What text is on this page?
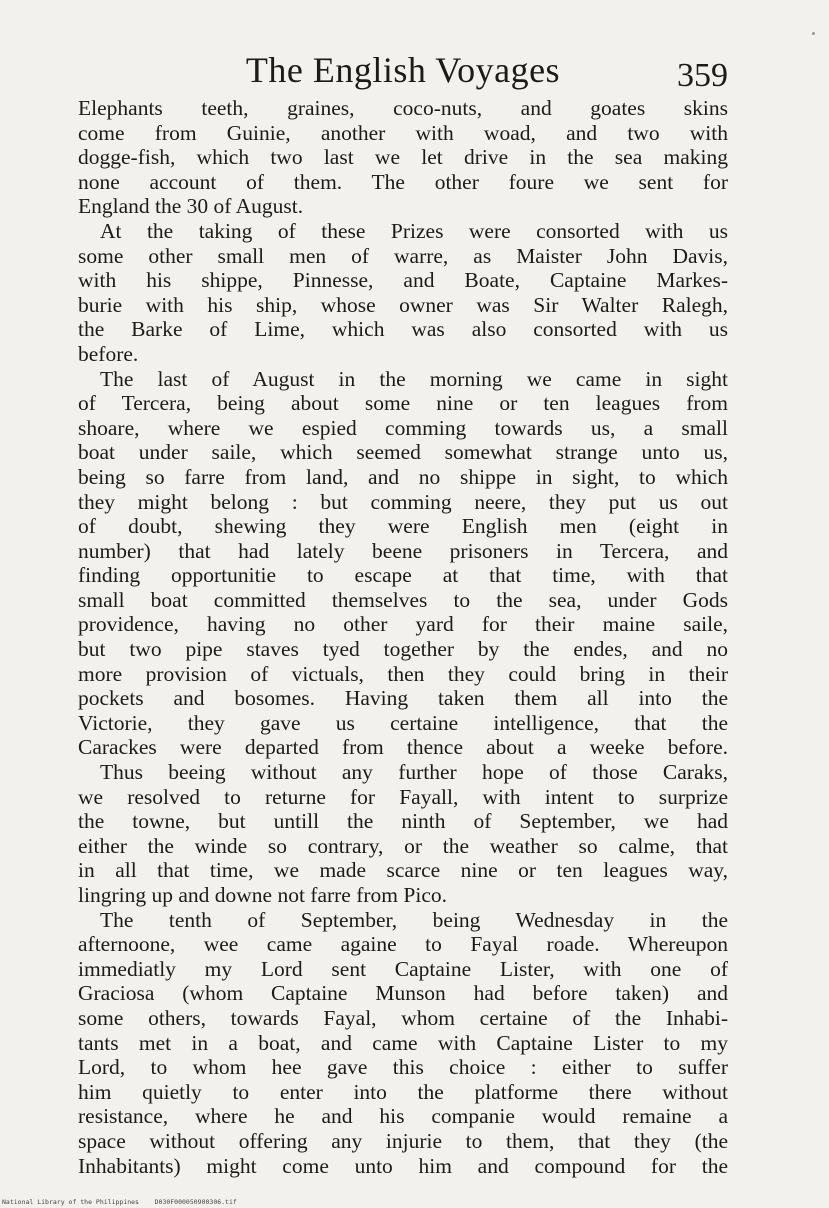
The English Voyages	359
Elephants teeth, graines, coco-nuts, and goates skins
come from Guinie, another with woad, and two with
dogge-fish, which two last we let drive in the sea making
none account of them. The other foure we sent for
England the 30 of August.
At the taking of these Prizes were consorted with us
some other small men of warre, as Maister John Davis,
with his shippe, Pinnesse, and Boate, Captaine Markes-
burie with his ship, whose owner was Sir Walter Ralegh,
the Barke of Lime, which was also consorted with us
before.
The last of August in the morning we came in sight
of Tercera, being about some nine or ten leagues from
shoare, where we espied comming towards us, a small
boat under saile, which seemed somewhat strange unto us,
being so farre from land, and no shippe in sight, to which
they might belong : but comming neere, they put us out
of doubt, shewing they were English men (eight in
number) that had lately beene prisoners in Tercera, and
finding opportunitie to escape at that time, with that
small boat committed themselves to the sea, under Gods
providence, having no other yard for their maine saile,
but two pipe staves tyed together by the endes, and no
more provision of victuals, then they could bring in their
pockets and bosomes. Having taken them all into the
Victorie, they gave us certaine intelligence, that the
Carackes were departed from thence about a weeke before.
Thus beeing without any further hope of those Caraks,
we resolved to returne for Fayall, with intent to surprize
the towne, but untill the ninth of September, we had
either the winde so contrary, or the weather so calme, that
in all that time, we made scarce nine or ten leagues way,
lingring up and downe not farre from Pico.
The tenth of September, being Wednesday in the
afternoone, wee came againe to Fayal roade. Whereupon
immediatly my Lord sent Captaine Lister, with one of
Graciosa (whom Captaine Munson had before taken) and
some others, towards Fayal, whom certaine of the Inhabi-
tants met in a boat, and came with Captaine Lister to my
Lord, to whom hee gave this choice : either to suffer
him quietly to enter into the platforme there without
resistance, where he and his companie would remaine a
space without offering any injurie to them, that they (the
Inhabitants) might come unto him and compound for the
National Library of the Philippines    D030F000050900306.tif
